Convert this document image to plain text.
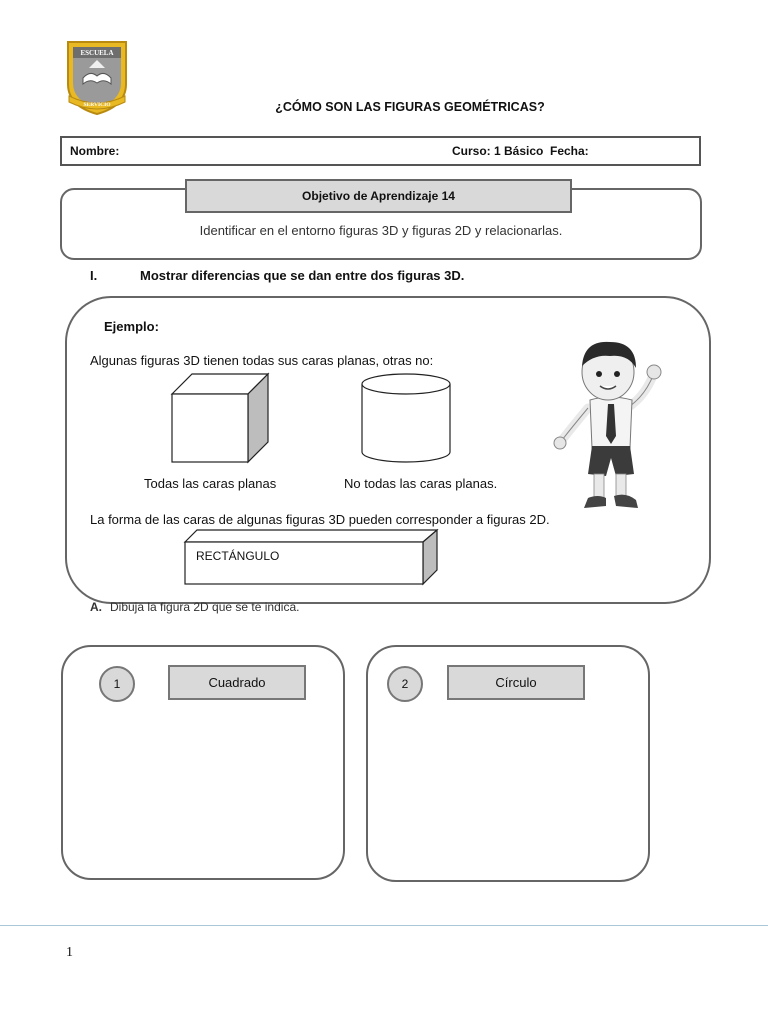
ESCUELA
SERVICIO	¿CÓMO SON LAS FIGURAS GEOMÉTRICAS?
Nombre:	Curso: 1 Básico Fecha:
Objetivo de Aprendizaje 14
Identificar en el entorno figuras 3D y figuras 2D y relacionarlas.
I.	Mostrar diferencias que se dan entre dos figuras 3D.
Ejemplo:
Algunas figuras 3D tienen todas sus caras planas, otras no:
Todas las caras planas	No todas las caras planas.
La forma de las caras de algunas figuras 3D pueden corresponder a figuras 2D.
RECTÁNGULO
A. Dibuja la figura 2D que se te indica.
1	Cuadrado	2	Círculo
1
